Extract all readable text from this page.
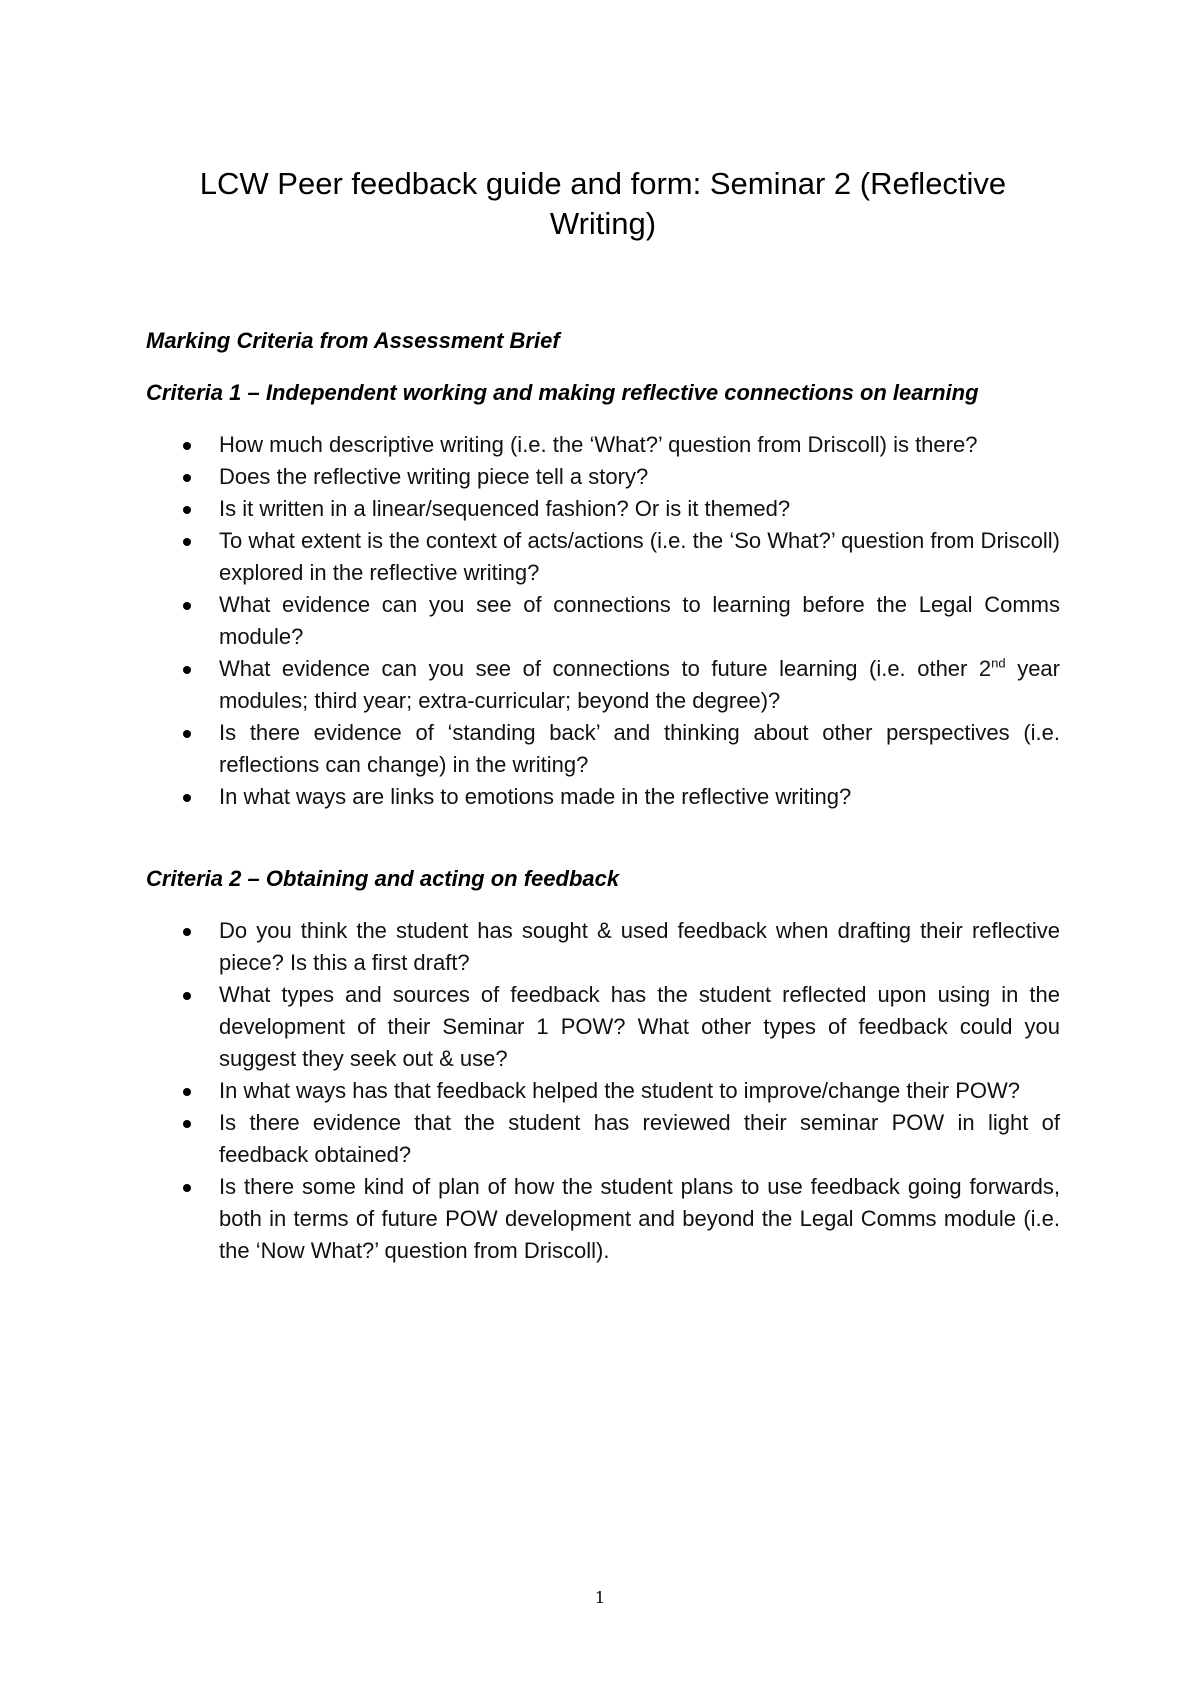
LCW Peer feedback guide and form: Seminar 2 (Reflective Writing)

Marking Criteria from Assessment Brief

Criteria 1 – Independent working and making reflective connections on learning

How much descriptive writing (i.e. the ‘What?’ question from Driscoll) is there?
Does the reflective writing piece tell a story?
Is it written in a linear/sequenced fashion? Or is it themed?
To what extent is the context of acts/actions (i.e. the ‘So What?’ question from Driscoll) explored in the reflective writing?
What evidence can you see of connections to learning before the Legal Comms module?
What evidence can you see of connections to future learning (i.e. other 2nd year modules; third year; extra-curricular; beyond the degree)?
Is there evidence of ‘standing back’ and thinking about other perspectives (i.e. reflections can change) in the writing?
In what ways are links to emotions made in the reflective writing?

Criteria 2 – Obtaining and acting on feedback

Do you think the student has sought & used feedback when drafting their reflective piece? Is this a first draft?
What types and sources of feedback has the student reflected upon using in the development of their Seminar 1 POW? What other types of feedback could you suggest they seek out & use?
In what ways has that feedback helped the student to improve/change their POW?
Is there evidence that the student has reviewed their seminar POW in light of feedback obtained?
Is there some kind of plan of how the student plans to use feedback going forwards, both in terms of future POW development and beyond the Legal Comms module (i.e. the ‘Now What?’ question from Driscoll).
1
